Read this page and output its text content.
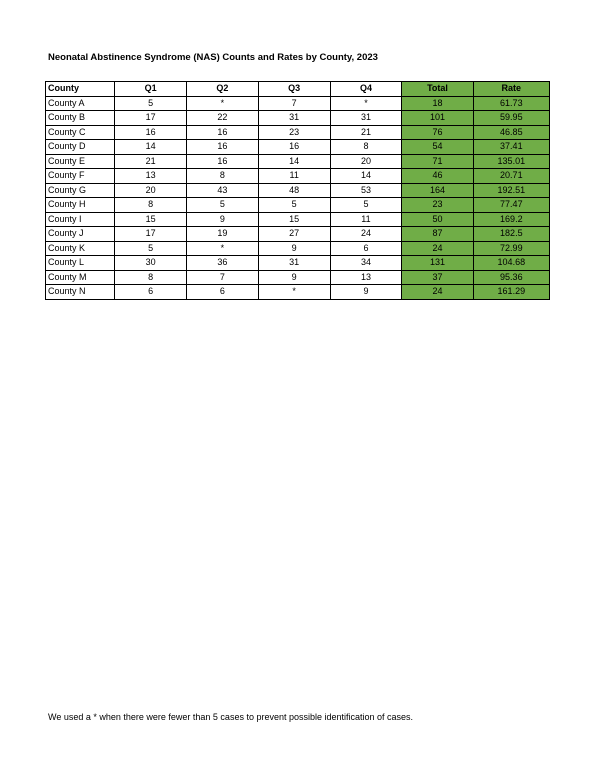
Neonatal Abstinence Syndrome (NAS) Counts and Rates by County, 2023
County	Q1	Q2	Q3	Q4	Total	Rate
County A	5	*	7	*	18	61.73
County B	17	22	31	31	101	59.95
County C	16	16	23	21	76	46.85
County D	14	16	16	8	54	37.41
County E	21	16	14	20	71	135.01
County F	13	8	11	14	46	20.71
County G	20	43	48	53	164	192.51
County H	8	5	5	5	23	77.47
County I	15	9	15	11	50	169.2
County J	17	19	27	24	87	182.5
County K	5	*	9	6	24	72.99
County L	30	36	31	34	131	104.68
County M	8	7	9	13	37	95.36
County N	6	6	*	9	24	161.29
We used a * when there were fewer than 5 cases to prevent possible identification of cases.
